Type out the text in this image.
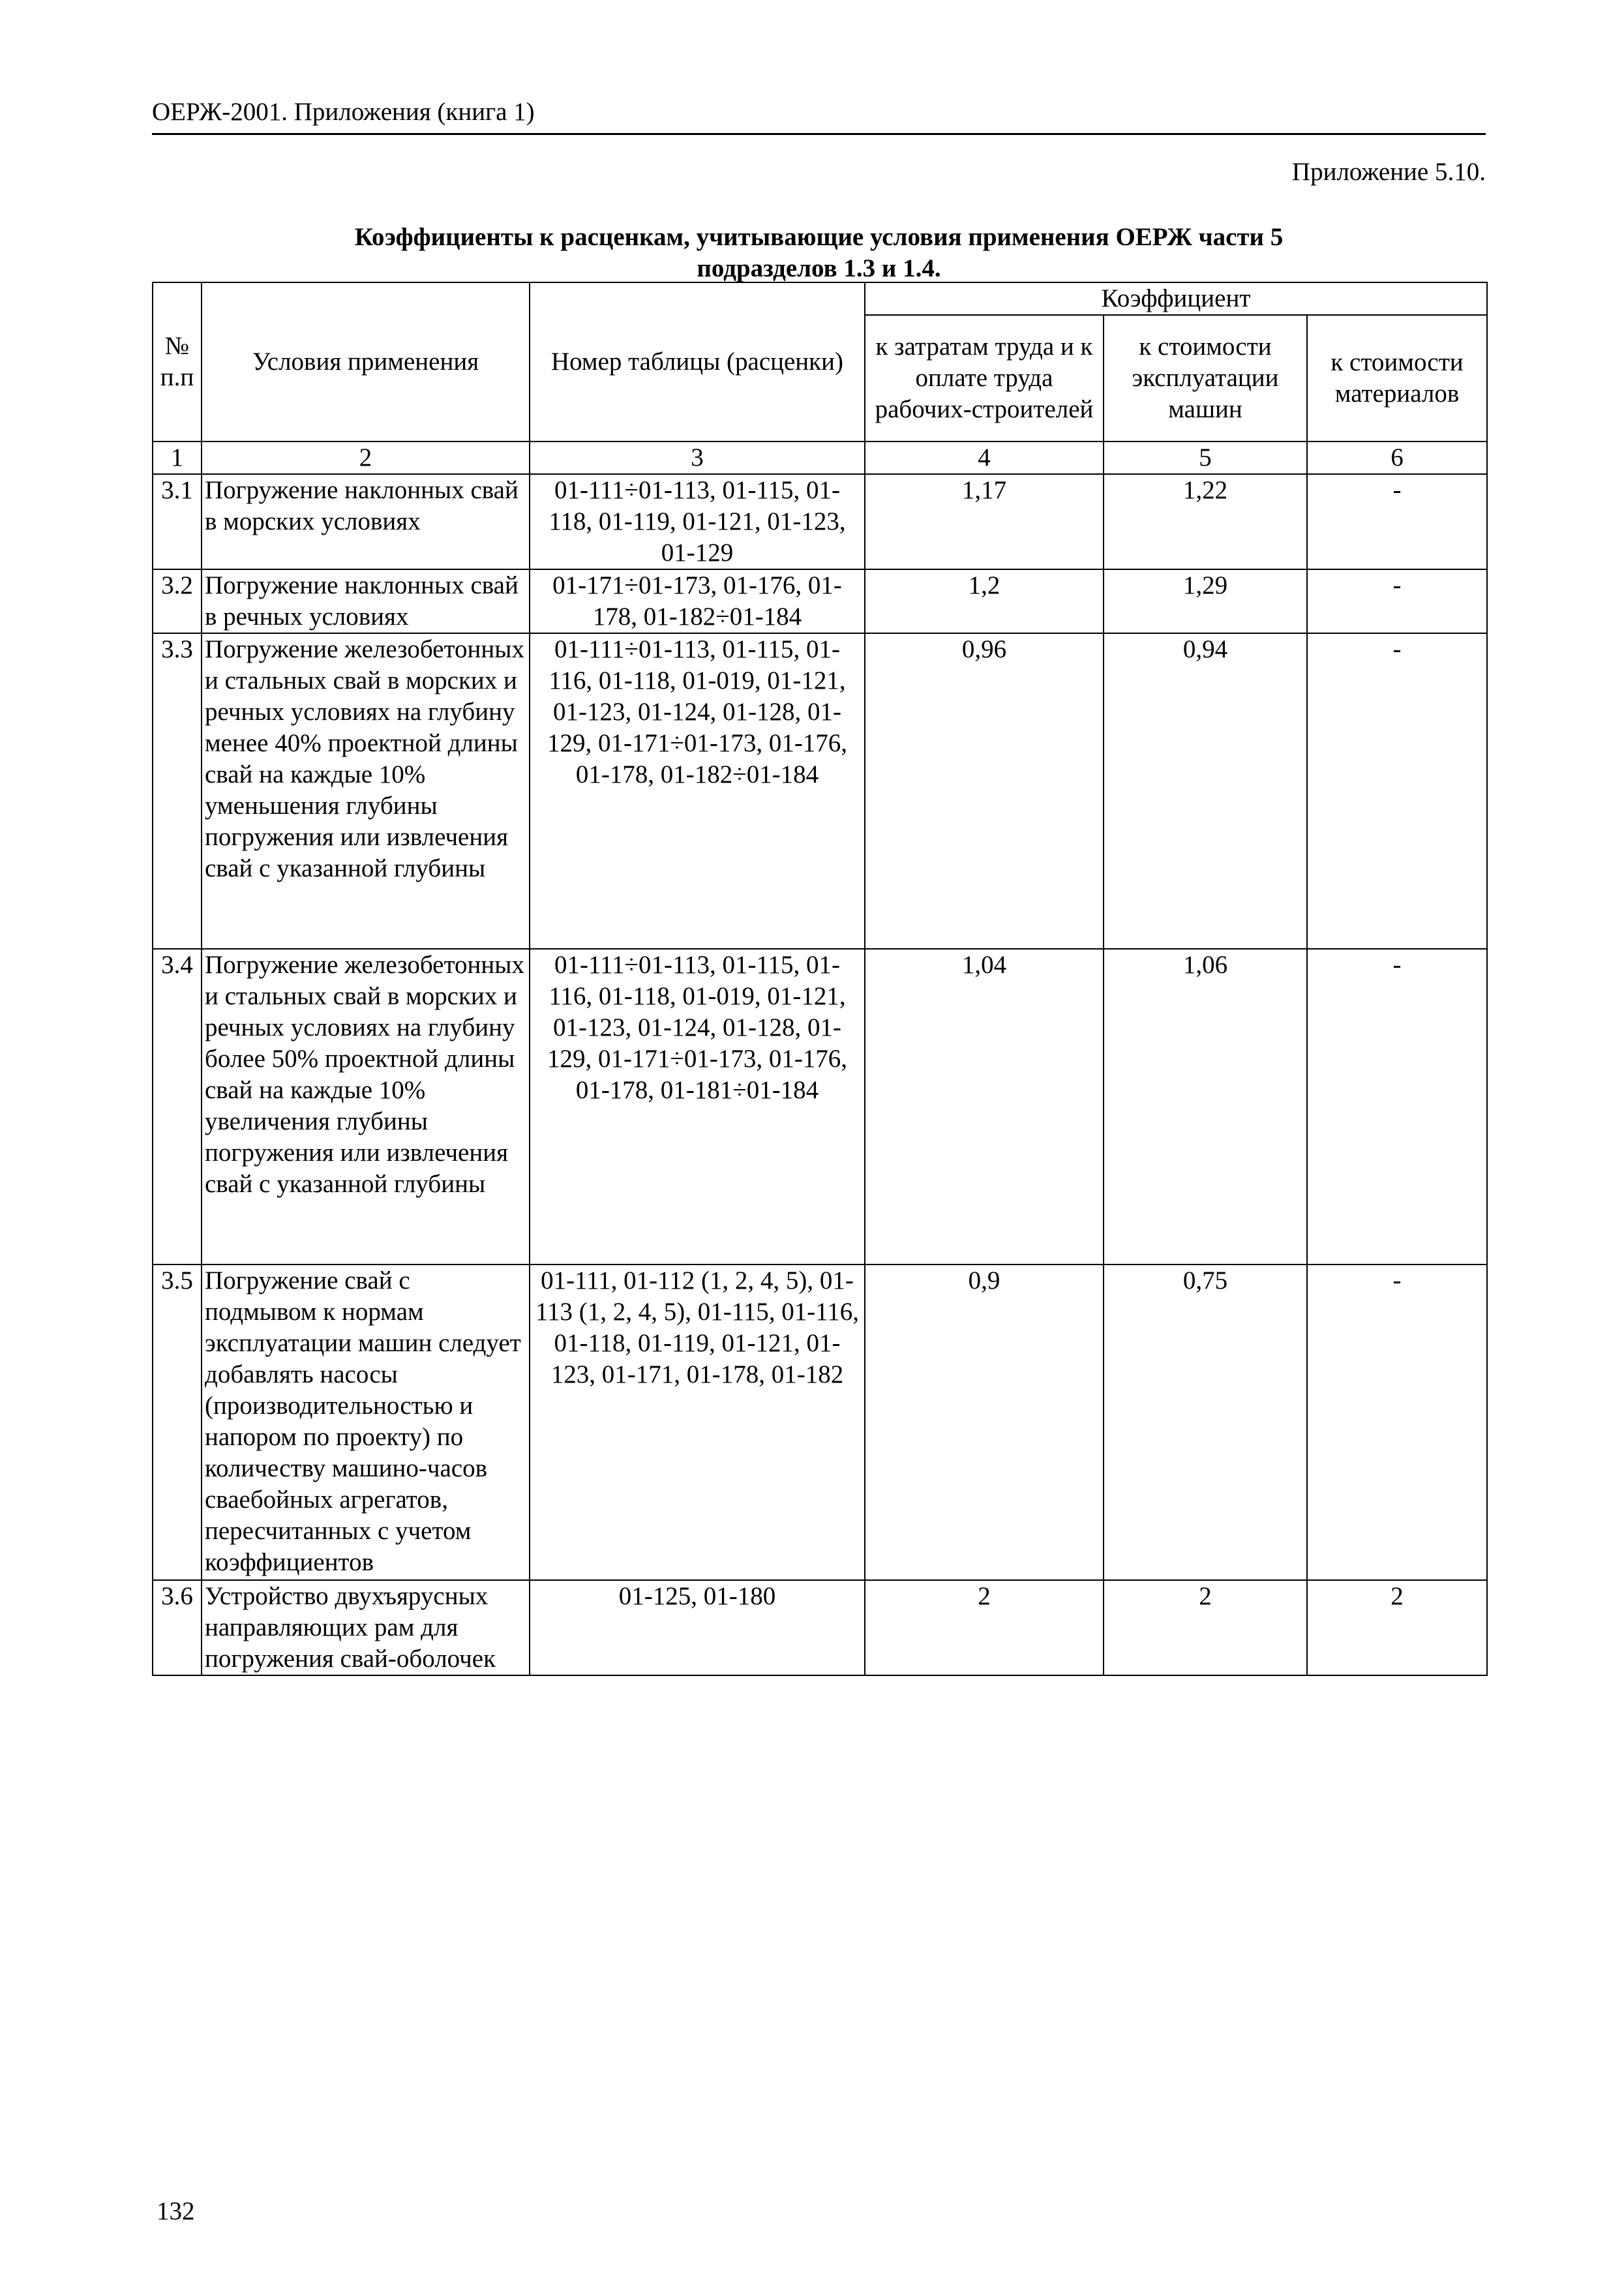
ОЕРЖ-2001. Приложения (книга 1)
Приложение 5.10.
Коэффициенты к расценкам, учитывающие условия применения ОЕРЖ части 5
подразделов 1.3 и 1.4.
№ п.п	Условия применения	Номер таблицы (расценки)	Коэффициент		
			к затратам труда и к оплате труда рабочих-строителей	к стоимости эксплуатации машин	к стоимости материалов
1	2	3	4	5	6
3.1	Погружение наклонных свай в морских условиях	01-111÷01-113, 01-115, 01-118, 01-119, 01-121, 01-123, 01-129	1,17	1,22	-
3.2	Погружение наклонных свай в речных условиях	01-171÷01-173, 01-176, 01-178, 01-182÷01-184	1,2	1,29	-
3.3	Погружение железобетонных и стальных свай в морских и речных условиях на глубину менее 40% проектной длины свай на каждые 10% уменьшения глубины погружения или извлечения свай с указанной глубины	01-111÷01-113, 01-115, 01-116, 01-118, 01-019, 01-121, 01-123, 01-124, 01-128, 01-129, 01-171÷01-173, 01-176, 01-178, 01-182÷01-184	0,96	0,94	-
3.4	Погружение железобетонных и стальных свай в морских и речных условиях на глубину более 50% проектной длины свай на каждые 10% увеличения глубины погружения или извлечения свай с указанной глубины	01-111÷01-113, 01-115, 01-116, 01-118, 01-019, 01-121, 01-123, 01-124, 01-128, 01-129, 01-171÷01-173, 01-176, 01-178, 01-181÷01-184	1,04	1,06	-
3.5	Погружение свай с подмывом к нормам эксплуатации машин следует добавлять насосы (производительностью и напором по проекту) по количеству машино-часов сваебойных агрегатов, пересчитанных с учетом коэффициентов	01-111, 01-112 (1, 2, 4, 5), 01-113 (1, 2, 4, 5), 01-115, 01-116, 01-118, 01-119, 01-121, 01-123, 01-171, 01-178, 01-182	0,9	0,75	-
3.6	Устройство двухъярусных направляющих рам для погружения свай-оболочек	01-125, 01-180	2	2	2
132
